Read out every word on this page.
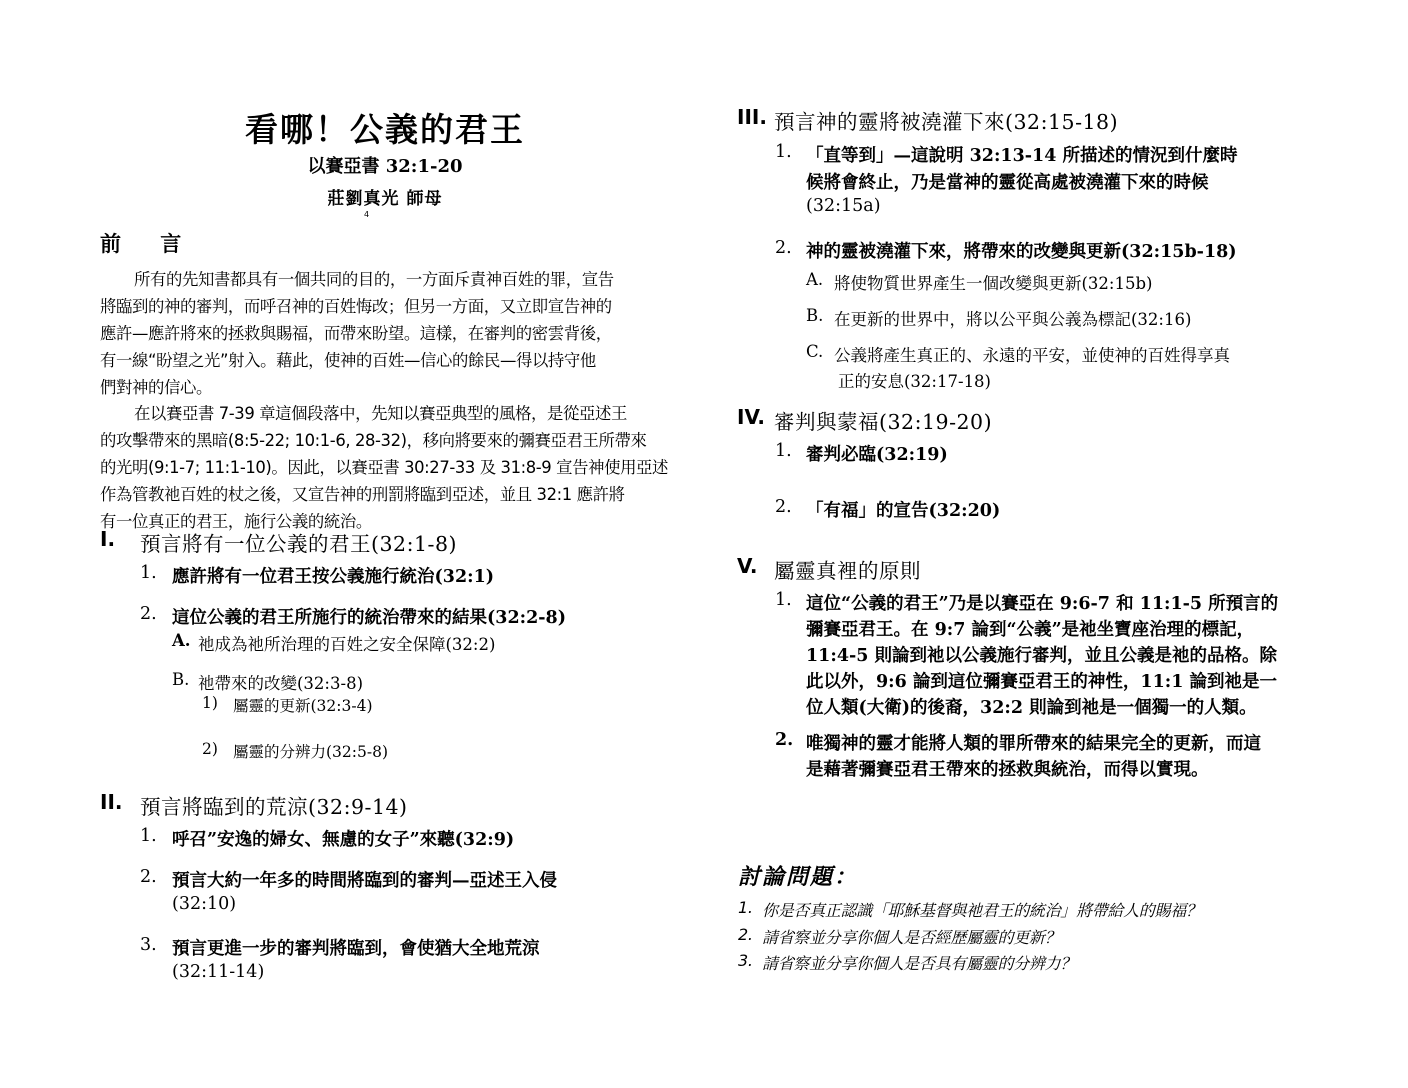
看哪！公義的君王
以賽亞書 32:1-20
莊劉真光 師母
4
前 言
所有的先知書都具有一個共同的目的，一方面斥責神百姓的罪，宣告
將臨到的神的審判，而呼召神的百姓悔改；但另一方面，又立即宣告神的
應許—應許將來的拯救與賜福，而帶來盼望。這樣，在審判的密雲背後，
有一線“盼望之光”射入。藉此，使神的百姓—信心的餘民—得以持守他
們對神的信心。
在以賽亞書 7-39 章這個段落中，先知以賽亞典型的風格，是從亞述王
的攻擊帶來的黑暗(8:5-22; 10:1-6, 28-32)，移向將要來的彌賽亞君王所帶來
的光明(9:1-7; 11:1-10)。因此，以賽亞書 30:27-33 及 31:8-9 宣告神使用亞述
作為管教祂百姓的杖之後，又宣告神的刑罰將臨到亞述，並且 32:1 應許將
有一位真正的君王，施行公義的統治。
I. 預言將有一位公義的君王(32:1-8)
1. 應許將有一位君王按公義施行統治(32:1)
2. 這位公義的君王所施行的統治帶來的結果(32:2-8)
A. 祂成為祂所治理的百姓之安全保障(32:2)
B. 祂帶來的改變(32:3-8)
1) 屬靈的更新(32:3-4)
2) 屬靈的分辨力(32:5-8)
II. 預言將臨到的荒涼(32:9-14)
1. 呼召”安逸的婦女、無慮的女子”來聽(32:9)
2. 預言大約一年多的時間將臨到的審判—亞述王入侵
(32:10)
3. 預言更進一步的審判將臨到，會使猶大全地荒涼
(32:11-14)
III. 預言神的靈將被澆灌下來(32:15-18)
1. 「直等到」—這說明 32:13-14 所描述的情況到什麼時
候將會終止，乃是當神的靈從高處被澆灌下來的時候
(32:15a)
2. 神的靈被澆灌下來，將帶來的改變與更新(32:15b-18)
A. 將使物質世界產生一個改變與更新(32:15b)
B. 在更新的世界中，將以公平與公義為標記(32:16)
C. 公義將產生真正的、永遠的平安，並使神的百姓得享真
正的安息(32:17-18)
IV. 審判與蒙福(32:19-20)
1. 審判必臨(32:19)
2. 「有福」的宣告(32:20)
V. 屬靈真裡的原則
1. 這位“公義的君王”乃是以賽亞在 9:6-7 和 11:1-5 所預言的
彌賽亞君王。在 9:7 論到“公義”是祂坐寶座治理的標記，
11:4-5 則論到祂以公義施行審判，並且公義是祂的品格。除
此以外，9:6 論到這位彌賽亞君王的神性，11:1 論到祂是一
位人類(大衛)的後裔，32:2 則論到祂是一個獨一的人類。
2. 唯獨神的靈才能將人類的罪所帶來的結果完全的更新，而這
是藉著彌賽亞君王帶來的拯救與統治，而得以實現。
討論問題：
1. 你是否真正認識「耶穌基督與祂君王的統治」將帶給人的賜福？
2. 請省察並分享你個人是否經歷屬靈的更新？
3. 請省察並分享你個人是否具有屬靈的分辨力？
